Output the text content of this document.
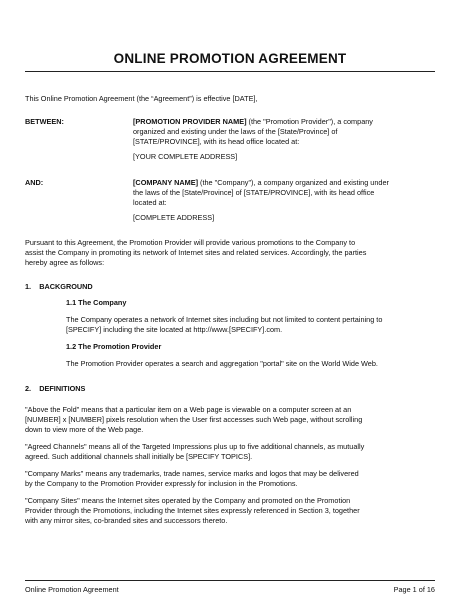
ONLINE PROMOTION AGREEMENT
This Online Promotion Agreement (the “Agreement”) is effective [DATE],
BETWEEN:	[PROMOTION PROVIDER NAME] (the "Promotion Provider"), a company
organized and existing under the laws of the [State/Province] of
[STATE/PROVINCE], with its head office located at:
[YOUR COMPLETE ADDRESS]
AND:	[COMPANY NAME] (the "Company"), a company organized and existing under
the laws of the [State/Province] of [STATE/PROVINCE], with its head office
located at:
[COMPLETE ADDRESS]
Pursuant to this Agreement, the Promotion Provider will provide various promotions to the Company to
assist the Company in promoting its network of Internet sites and related services. Accordingly, the parties
hereby agree as follows:
1.    BACKGROUND
1.1 The Company
The Company operates a network of Internet sites including but not limited to content pertaining to
[SPECIFY] including the site located at http://www.[SPECIFY].com.
1.2 The Promotion Provider
The Promotion Provider operates a search and aggregation "portal" site on the World Wide Web.
2.    DEFINITIONS
"Above the Fold" means that a particular item on a Web page is viewable on a computer screen at an
[NUMBER] x [NUMBER] pixels resolution when the User first accesses such Web page, without scrolling
down to view more of the Web page.
"Agreed Channels" means all of the Targeted Impressions plus up to five additional channels, as mutually
agreed. Such additional channels shall initially be [SPECIFY TOPICS].
"Company Marks" means any trademarks, trade names, service marks and logos that may be delivered
by the Company to the Promotion Provider expressly for inclusion in the Promotions.
"Company Sites" means the Internet sites operated by the Company and promoted on the Promotion
Provider through the Promotions, including the Internet sites expressly referenced in Section 3, together
with any mirror sites, co-branded sites and successors thereto.
Online Promotion Agreement	Page 1 of 16
